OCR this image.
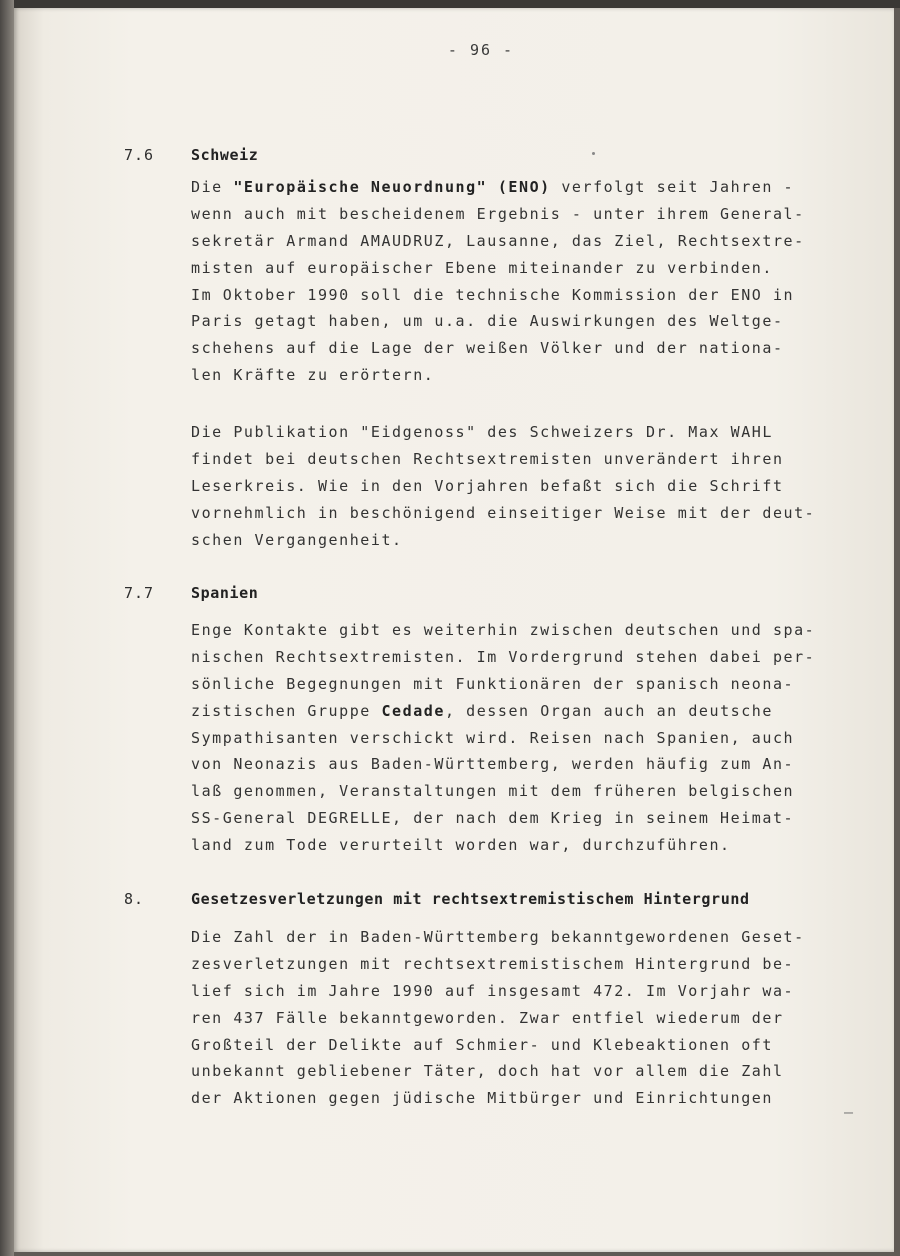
- 96 -
7.6 Schweiz
Die "Europäische Neuordnung" (ENO) verfolgt seit Jahren -
wenn auch mit bescheidenem Ergebnis - unter ihrem General-
sekretär Armand AMAUDRUZ, Lausanne, das Ziel, Rechtsextre-
misten auf europäischer Ebene miteinander zu verbinden.
Im Oktober 1990 soll die technische Kommission der ENO in
Paris getagt haben, um u.a. die Auswirkungen des Weltge-
schehens auf die Lage der weißen Völker und der nationa-
len Kräfte zu erörtern.
Die Publikation "Eidgenoss" des Schweizers Dr. Max WAHL
findet bei deutschen Rechtsextremisten unverändert ihren
Leserkreis. Wie in den Vorjahren befaßt sich die Schrift
vornehmlich in beschönigend einseitiger Weise mit der deut-
schen Vergangenheit.
7.7 Spanien
Enge Kontakte gibt es weiterhin zwischen deutschen und spa-
nischen Rechtsextremisten. Im Vordergrund stehen dabei per-
sönliche Begegnungen mit Funktionären der spanisch neona-
zistischen Gruppe Cedade, dessen Organ auch an deutsche
Sympathisanten verschickt wird. Reisen nach Spanien, auch
von Neonazis aus Baden-Württemberg, werden häufig zum An-
laß genommen, Veranstaltungen mit dem früheren belgischen
SS-General DEGRELLE, der nach dem Krieg in seinem Heimat-
land zum Tode verurteilt worden war, durchzuführen.
8.	Gesetzesverletzungen mit rechtsextremistischem Hintergrund
Die Zahl der in Baden-Württemberg bekanntgewordenen Geset-
zesverletzungen mit rechtsextremistischem Hintergrund be-
lief sich im Jahre 1990 auf insgesamt 472. Im Vorjahr wa-
ren 437 Fälle bekanntgeworden. Zwar entfiel wiederum der
Großteil der Delikte auf Schmier- und Klebeaktionen oft
unbekannt gebliebener Täter, doch hat vor allem die Zahl
der Aktionen gegen jüdische Mitbürger und Einrichtungen
–
